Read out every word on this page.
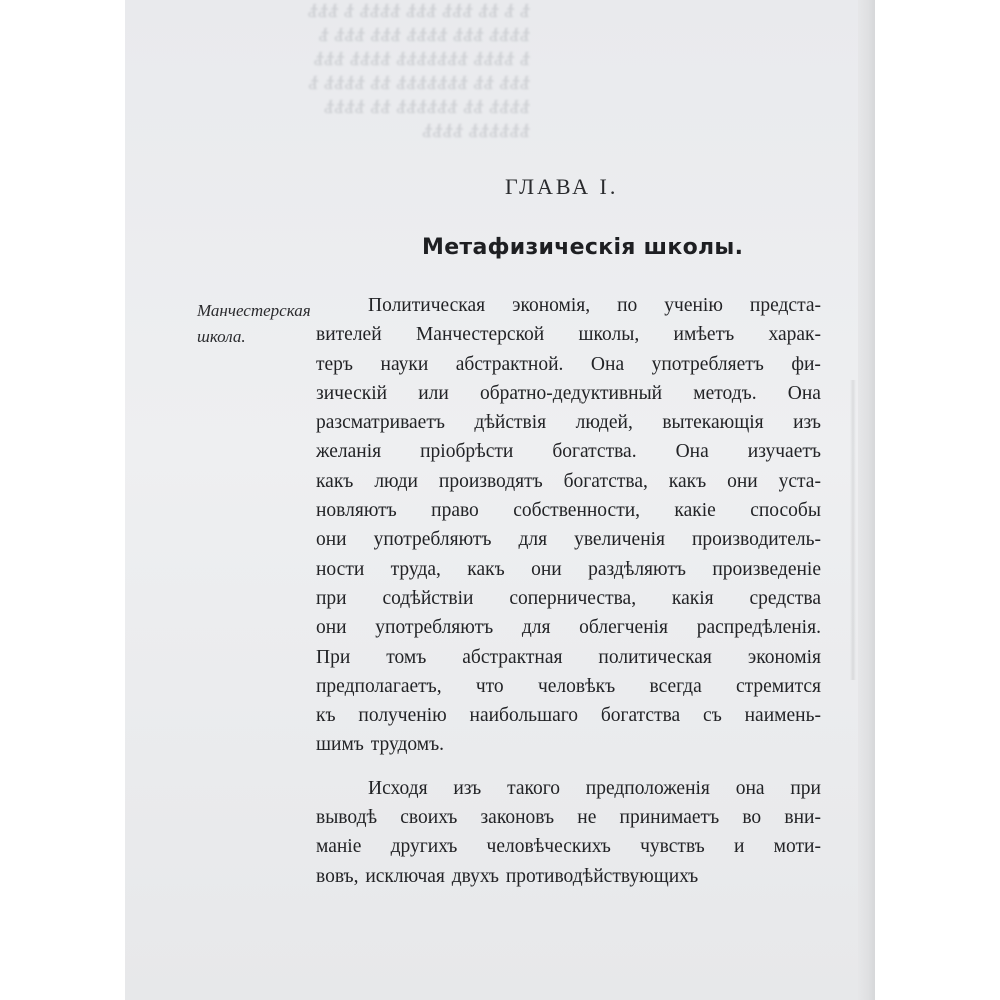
ѣ ѣ ѣѣ ѣѣѣ ѣѣѣ ѣѣѣѣ ѣ ѣѣѣ
ѣѣѣѣ ѣѣѣ ѣѣѣѣ ѣѣѣ ѣѣѣ ѣ
ѣ ѣѣѣѣ ѣѣѣѣѣѣѣ ѣѣѣѣ ѣѣѣ
ѣѣѣ ѣѣ ѣѣѣѣѣѣѣ ѣѣ ѣѣѣѣ ѣ
ѣѣѣѣ ѣѣ ѣѣѣѣѣѣ ѣѣ ѣѣѣѣ
ѣѣѣѣѣѣ ѣѣѣѣ
ГЛАВА I.
Метафизическія школы.
Манчестерская
школа.
Политическая экономія, по ученію предста-
вителей Манчестерской школы, имѣетъ харак-
теръ науки абстрактной. Она употребляетъ фи-
зическій или обратно-дедуктивный методъ. Она
разсматриваетъ дѣйствія людей, вытекающія изъ
желанія пріобрѣсти богатства. Она изучаетъ
какъ люди производятъ богатства, какъ они уста-
новляютъ право собственности, какіе способы
они употребляютъ для увеличенія производитель-
ности труда, какъ они раздѣляютъ произведеніе
при содѣйствіи соперничества, какія средства
они употребляютъ для облегченія распредѣленія.
При томъ абстрактная политическая экономія
предполагаетъ, что человѣкъ всегда стремится
къ полученію наибольшаго богатства съ наимень-
шимъ трудомъ.
Исходя изъ такого предположенія она при
выводѣ своихъ законовъ не принимаетъ во вни-
маніе другихъ человѣческихъ чувствъ и моти-
вовъ, исключая двухъ противодѣйствующихъ
